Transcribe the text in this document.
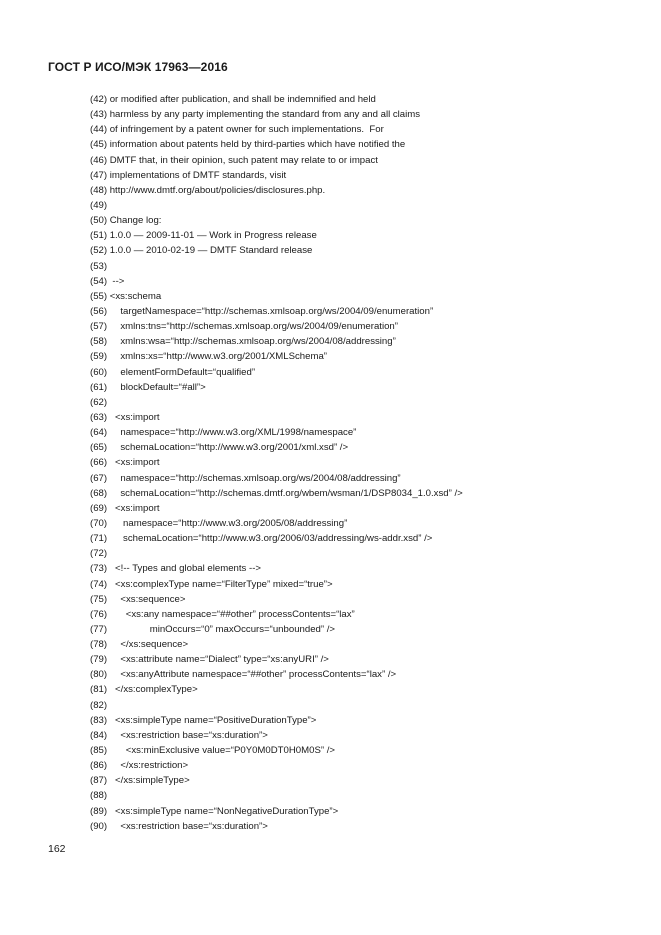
ГОСТ Р ИСО/МЭК 17963—2016
(42) or modified after publication, and shall be indemnified and held
(43) harmless by any party implementing the standard from any and all claims
(44) of infringement by a patent owner for such implementations.  For
(45) information about patents held by third-parties which have notified the
(46) DMTF that, in their opinion, such patent may relate to or impact
(47) implementations of DMTF standards, visit
(48) http://www.dmtf.org/about/policies/disclosures.php.
(49)
(50) Change log:
(51) 1.0.0 — 2009-11-01 — Work in Progress release
(52) 1.0.0 — 2010-02-19 — DMTF Standard release
(53)
(54)  -->
(55) <xs:schema
(56)     targetNamespace=“http://schemas.xmlsoap.org/ws/2004/09/enumeration”
(57)     xmlns:tns=“http://schemas.xmlsoap.org/ws/2004/09/enumeration”
(58)     xmlns:wsa=“http://schemas.xmlsoap.org/ws/2004/08/addressing”
(59)     xmlns:xs=“http://www.w3.org/2001/XMLSchema”
(60)     elementFormDefault=“qualified”
(61)     blockDefault=“#all”>
(62)
(63)   <xs:import
(64)     namespace=“http://www.w3.org/XML/1998/namespace”
(65)     schemaLocation=“http://www.w3.org/2001/xml.xsd” />
(66)   <xs:import
(67)     namespace=“http://schemas.xmlsoap.org/ws/2004/08/addressing”
(68)     schemaLocation=“http://schemas.dmtf.org/wbem/wsman/1/DSP8034_1.0.xsd” />
(69)   <xs:import
(70)      namespace=“http://www.w3.org/2005/08/addressing”
(71)      schemaLocation=“http://www.w3.org/2006/03/addressing/ws-addr.xsd” />
(72)
(73)   <!-- Types and global elements -->
(74)   <xs:complexType name=“FilterType” mixed=“true”>
(75)     <xs:sequence>
(76)       <xs:any namespace=“##other” processContents=“lax”
(77)                minOccurs=“0” maxOccurs=“unbounded” />
(78)     </xs:sequence>
(79)     <xs:attribute name=“Dialect” type=“xs:anyURI” />
(80)     <xs:anyAttribute namespace=“##other” processContents=“lax” />
(81)   </xs:complexType>
(82)
(83)   <xs:simpleType name=“PositiveDurationType”>
(84)     <xs:restriction base=“xs:duration”>
(85)       <xs:minExclusive value=“P0Y0M0DT0H0M0S” />
(86)     </xs:restriction>
(87)   </xs:simpleType>
(88)
(89)   <xs:simpleType name=“NonNegativeDurationType”>
(90)     <xs:restriction base=“xs:duration”>
162
